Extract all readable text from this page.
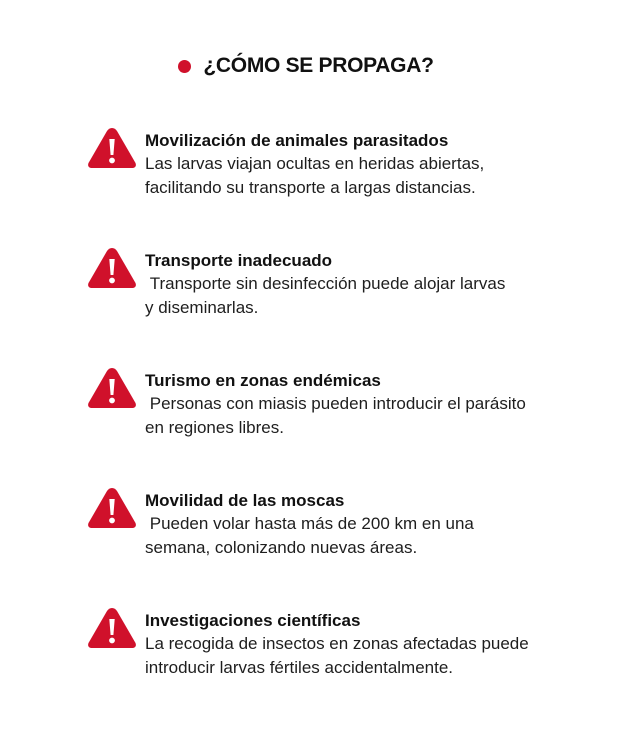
¿CÓMO SE PROPAGA?
Movilización de animales parasitados
Las larvas viajan ocultas en heridas abiertas,
facilitando su transporte a largas distancias.
Transporte inadecuado
Transporte sin desinfección puede alojar larvas
y diseminarlas.
Turismo en zonas endémicas
Personas con miasis pueden introducir el parásito
en regiones libres.
Movilidad de las moscas
Pueden volar hasta más de 200 km en una
semana, colonizando nuevas áreas.
Investigaciones científicas
La recogida de insectos en zonas afectadas puede
introducir larvas fértiles accidentalmente.
